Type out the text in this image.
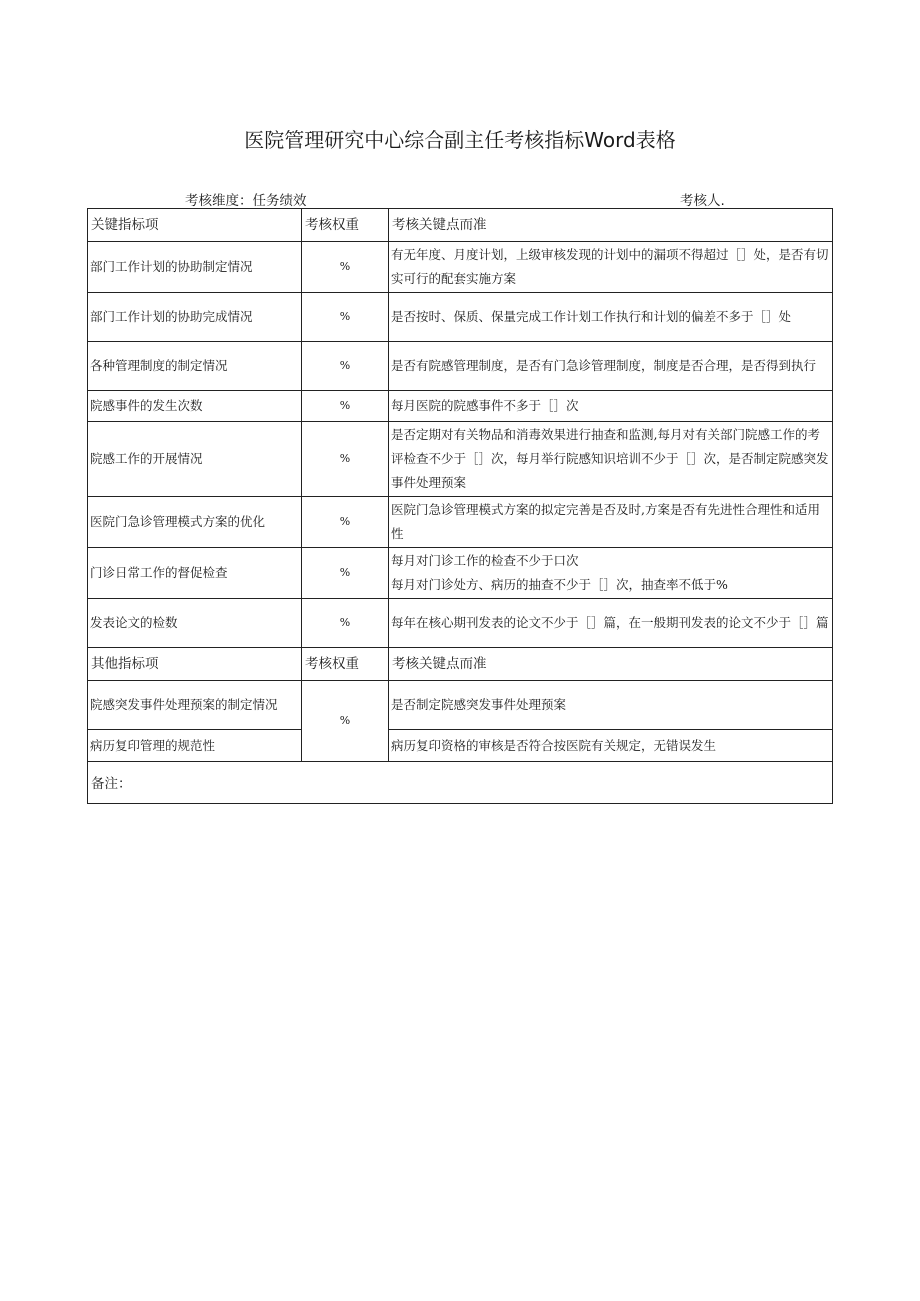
医院管理研究中心综合副主任考核指标Word表格
考核维度：任务绩效	考核人.
关键指标项	考核权重	考核关键点而准
部门工作计划的协助制定情况	%	有无年度、月度计划，上级审核发现的计划中的漏项不得超过［］处，是否有切实可行的配套实施方案
部门工作计划的协助完成情况	%	是否按时、保质、保量完成工作计划工作执行和计划的偏差不多于［］处
各种管理制度的制定情况	%	是否有院感管理制度，是否有门急诊管理制度，制度是否合理，是否得到执行
院感事件的发生次数	%	每月医院的院感事件不多于［］次
院感工作的开展情况	%	是否定期对有关物品和消毒效果进行抽查和监测,每月对有关部门院感工作的考评检查不少于［］次，每月举行院感知识培训不少于［］次，是否制定院感突发事件处理预案
医院门急诊管理模式方案的优化	%	医院门急诊管理模式方案的拟定完善是否及时,方案是否有先进性合理性和适用性
门诊日常工作的督促检查	%	每月对门诊工作的检查不少于口次
每月对门诊处方、病历的抽查不少于［］次，抽查率不低于%

发表论文的检数	%	每年在核心期刊发表的论文不少于［］篇，在一般期刊发表的论文不少于［］篇
其他指标项	考核权重	考核关键点而准
院感突发事件处理预案的制定情况	%	是否制定院感突发事件处理预案
病历复印管理的规范性		病历复印资格的审核是否符合按医院有关规定，无错误发生
备注：		
